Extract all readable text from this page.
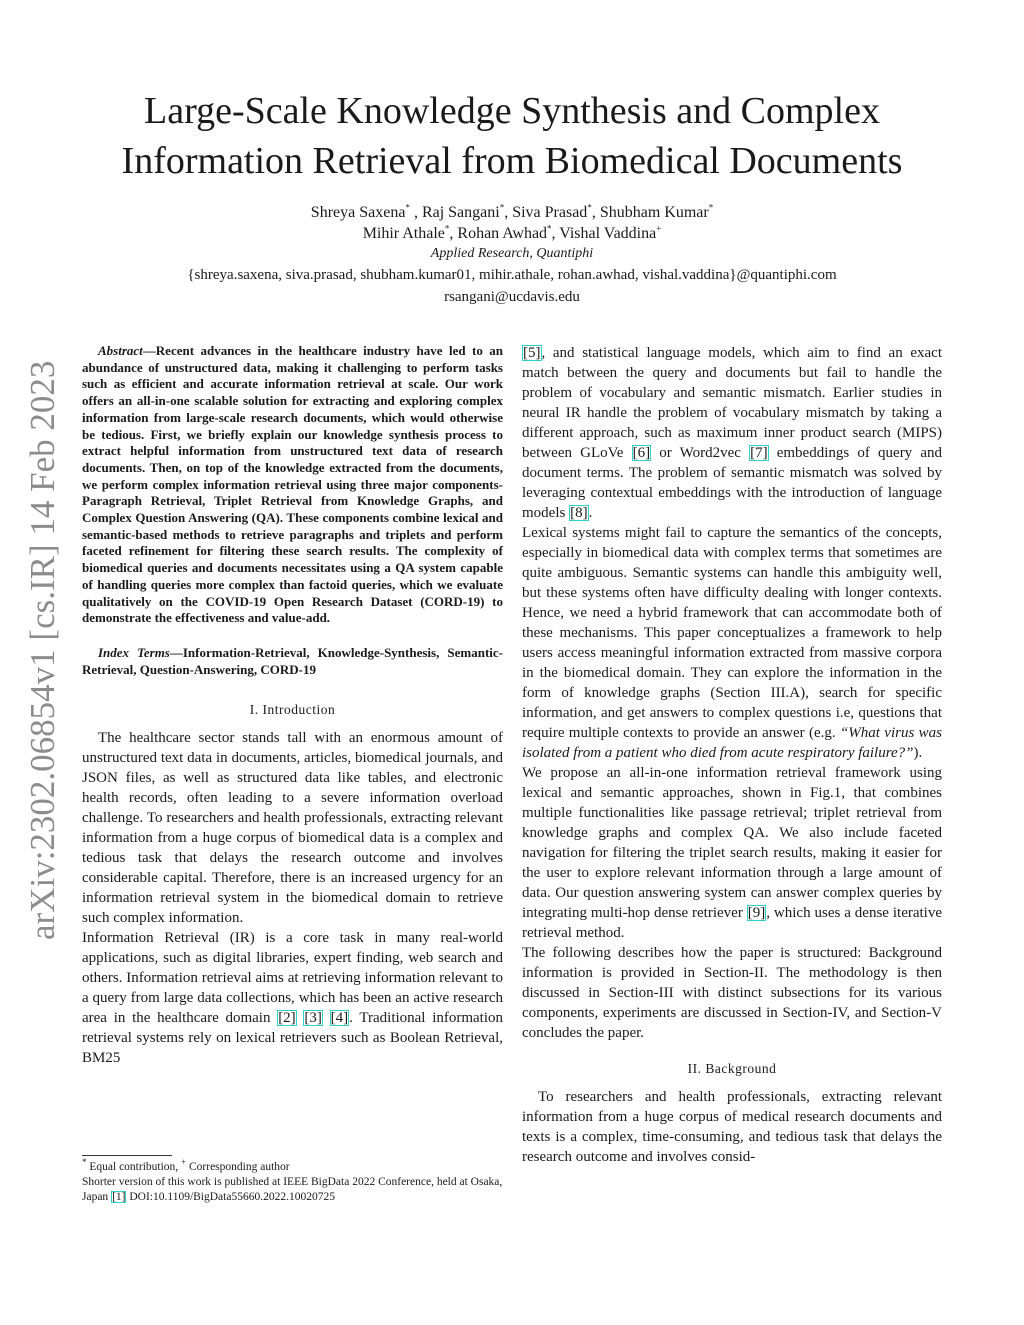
Large-Scale Knowledge Synthesis and Complex
Information Retrieval from Biomedical Documents
Shreya Saxena* , Raj Sangani*, Siva Prasad*, Shubham Kumar*
Mihir Athale*, Rohan Awhad*, Vishal Vaddina+
Applied Research, Quantiphi
{shreya.saxena, siva.prasad, shubham.kumar01, mihir.athale, rohan.awhad, vishal.vaddina}@quantiphi.com
rsangani@ucdavis.edu
arXiv:2302.06854v1 [cs.IR] 14 Feb 2023

Abstract—Recent advances in the healthcare industry have led to an abundance of unstructured data, making it challenging to perform tasks such as efficient and accurate information retrieval at scale. Our work offers an all-in-one scalable solution for extracting and exploring complex information from large-scale research documents, which would otherwise be tedious. First, we briefly explain our knowledge synthesis process to extract helpful information from unstructured text data of research documents. Then, on top of the knowledge extracted from the documents, we perform complex information retrieval using three major components- Paragraph Retrieval, Triplet Retrieval from Knowledge Graphs, and Complex Question Answering (QA). These components combine lexical and semantic-based methods to retrieve paragraphs and triplets and perform faceted refinement for filtering these search results. The complexity of biomedical queries and documents necessitates using a QA system capable of handling queries more complex than factoid queries, which we evaluate qualitatively on the COVID-19 Open Research Dataset (CORD-19) to demonstrate the effectiveness and value-add.

Index Terms—Information-Retrieval, Knowledge-Synthesis, Semantic-Retrieval, Question-Answering, CORD-19

I. Introduction

The healthcare sector stands tall with an enormous amount of unstructured text data in documents, articles, biomedical journals, and JSON files, as well as structured data like tables, and electronic health records, often leading to a severe information overload challenge. To researchers and health professionals, extracting relevant information from a huge corpus of biomedical data is a complex and tedious task that delays the research outcome and involves considerable capital. Therefore, there is an increased urgency for an information retrieval system in the biomedical domain to retrieve such complex information.

Information Retrieval (IR) is a core task in many real-world applications, such as digital libraries, expert finding, web search and others. Information retrieval aims at retrieving information relevant to a query from large data collections, which has been an active research area in the healthcare domain [2] [3] [4]. Traditional information retrieval systems rely on lexical retrievers such as Boolean Retrieval, BM25

[5], and statistical language models, which aim to find an exact match between the query and documents but fail to handle the problem of vocabulary and semantic mismatch. Earlier studies in neural IR handle the problem of vocabulary mismatch by taking a different approach, such as maximum inner product search (MIPS) between GLoVe [6] or Word2vec [7] embeddings of query and document terms. The problem of semantic mismatch was solved by leveraging contextual embeddings with the introduction of language models [8].

Lexical systems might fail to capture the semantics of the concepts, especially in biomedical data with complex terms that sometimes are quite ambiguous. Semantic systems can handle this ambiguity well, but these systems often have difficulty dealing with longer contexts. Hence, we need a hybrid framework that can accommodate both of these mechanisms. This paper conceptualizes a framework to help users access meaningful information extracted from massive corpora in the biomedical domain. They can explore the information in the form of knowledge graphs (Section III.A), search for specific information, and get answers to complex questions i.e, questions that require multiple contexts to provide an answer (e.g. “What virus was isolated from a patient who died from acute respiratory failure?”).

We propose an all-in-one information retrieval framework using lexical and semantic approaches, shown in Fig.1, that combines multiple functionalities like passage retrieval; triplet retrieval from knowledge graphs and complex QA. We also include faceted navigation for filtering the triplet search results, making it easier for the user to explore relevant information through a large amount of data. Our question answering system can answer complex queries by integrating multi-hop dense retriever [9], which uses a dense iterative retrieval method.

The following describes how the paper is structured: Background information is provided in Section-II. The methodology is then discussed in Section-III with distinct subsections for its various components, experiments are discussed in Section-IV, and Section-V concludes the paper.

II. Background

To researchers and health professionals, extracting relevant information from a huge corpus of medical research documents and texts is a complex, time-consuming, and tedious task that delays the research outcome and involves consid-

* Equal contribution, + Corresponding author

Shorter version of this work is published at IEEE BigData 2022 Conference, held at Osaka, Japan [1] DOI:10.1109/BigData55660.2022.10020725
